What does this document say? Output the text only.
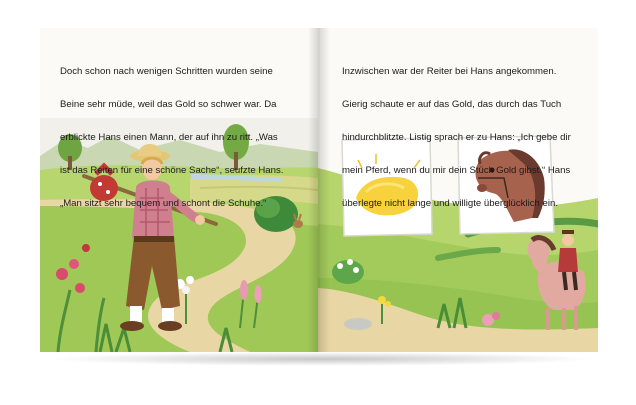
Doch schon nach wenigen Schritten wurden seine

Beine sehr müde, weil das Gold so schwer war. Da

erblickte Hans einen Mann, der auf ihn zu ritt. „Was

ist das Reiten für eine schöne Sache“, seufzte Hans.

„Man sitzt sehr bequem und schont die Schuhe.“

Inzwischen war der Reiter bei Hans angekommen.

Gierig schaute er auf das Gold, das durch das Tuch

hindurchblitzte. Listig sprach er zu Hans: „Ich gebe dir

mein Pferd, wenn du mir dein Stück Gold gibst.“ Hans

überlegte nicht lange und willigte überglücklich ein.
